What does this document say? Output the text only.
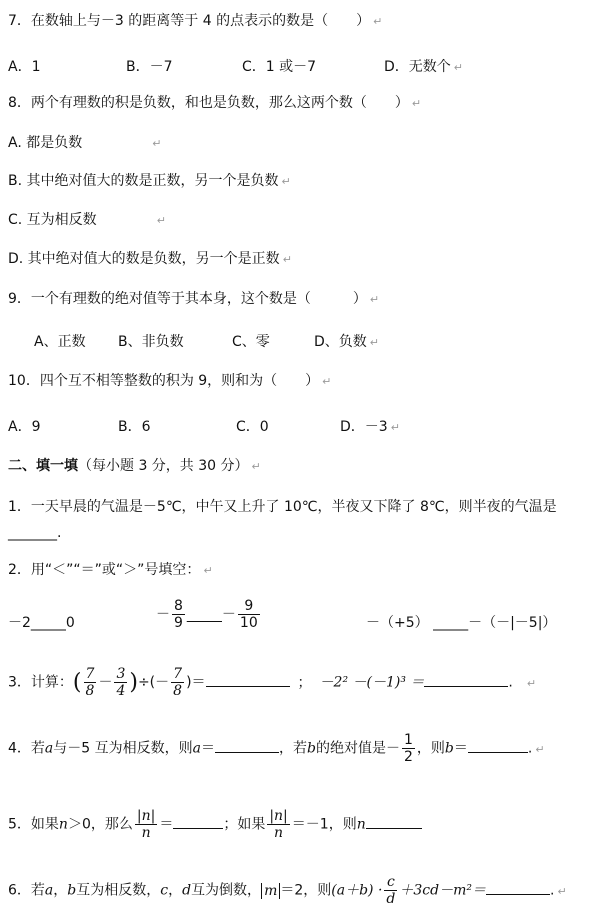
7．在数轴上与－3 的距离等于 4 的点表示的数是（　　） ↵
A．1	B．－7	C．1 或－7	D．无数个 ↵
8．两个有理数的积是负数，和也是负数，那么这两个数（　　） ↵
A. 都是负数	↵
B. 其中绝对值大的数是正数，另一个是负数 ↵
C. 互为相反数	↵
D. 其中绝对值大的数是负数，另一个是正数 ↵
9．一个有理数的绝对值等于其本身，这个数是（　　　） ↵
A、正数 B、非负数	C、零	D、负数 ↵
10．四个互不相等整数的积为 9，则和为（　　） ↵
A．9	B．6	C．0	D．－3 ↵
二、填一填（每小题 3 分，共 30 分） ↵
1．一天早晨的气温是－5℃，中午又上升了 10℃，半夜又下降了 8℃，则半夜的气温是
_______.
2．用“＜”“＝”或“＞”号填空： ↵
－2_____0
－ $\frac{8}{9}$ _____－ $\frac{9}{10}$	－（+5） _____－（－|－5|）
3．计算：( $\frac{7}{8} - \frac{3}{4}$ )÷(－ $\frac{7}{8}$ )＝	； －2² －(－1)³ ＝	. ↵
4．若a与－5 互为相反数，则a＝	，若b的绝对值是－ $\frac{1}{2}$ ，则b＝	. ↵
5．如果n＞0，那么 $\frac{|n|}{n}$ ＝	；如果 $\frac{|n|}{n} =-1$，则n
6．若a，b互为相反数，c，d互为倒数， m ＝2，则$(a+b) \cdot \frac{c}{d} +3cd-m^2=$	. ↵
